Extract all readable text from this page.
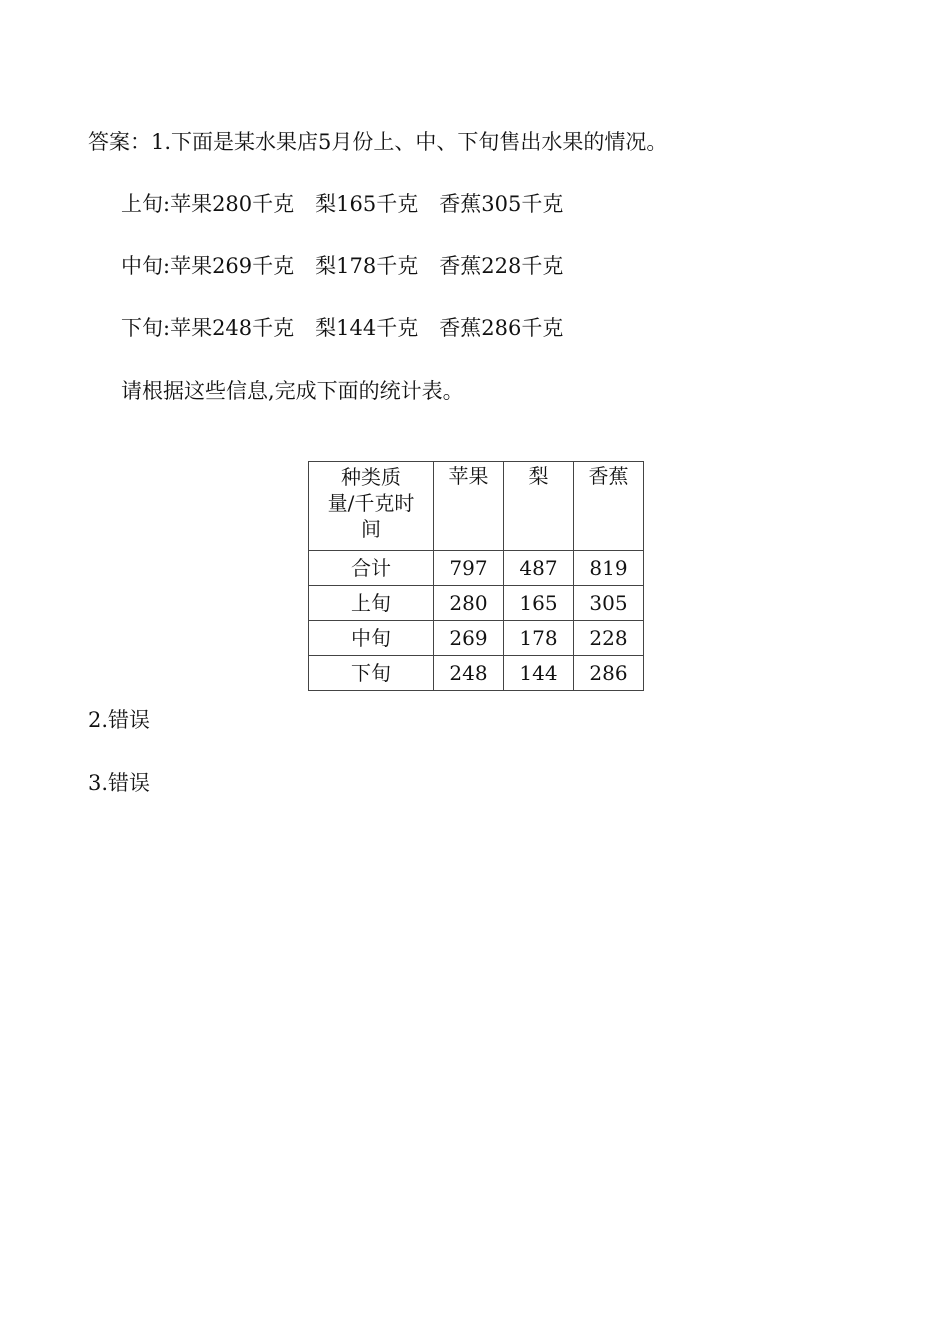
答案：1.下面是某水果店5月份上、中、下旬售出水果的情况。
上旬:苹果280千克　梨165千克　香蕉305千克
中旬:苹果269千克　梨178千克　香蕉228千克
下旬:苹果248千克　梨144千克　香蕉286千克
请根据这些信息,完成下面的统计表。
种类质
量/千克时
间	苹果	梨	香蕉
合计	797	487	819
上旬	280	165	305
中旬	269	178	228
下旬	248	144	286
2.错误
3.错误
